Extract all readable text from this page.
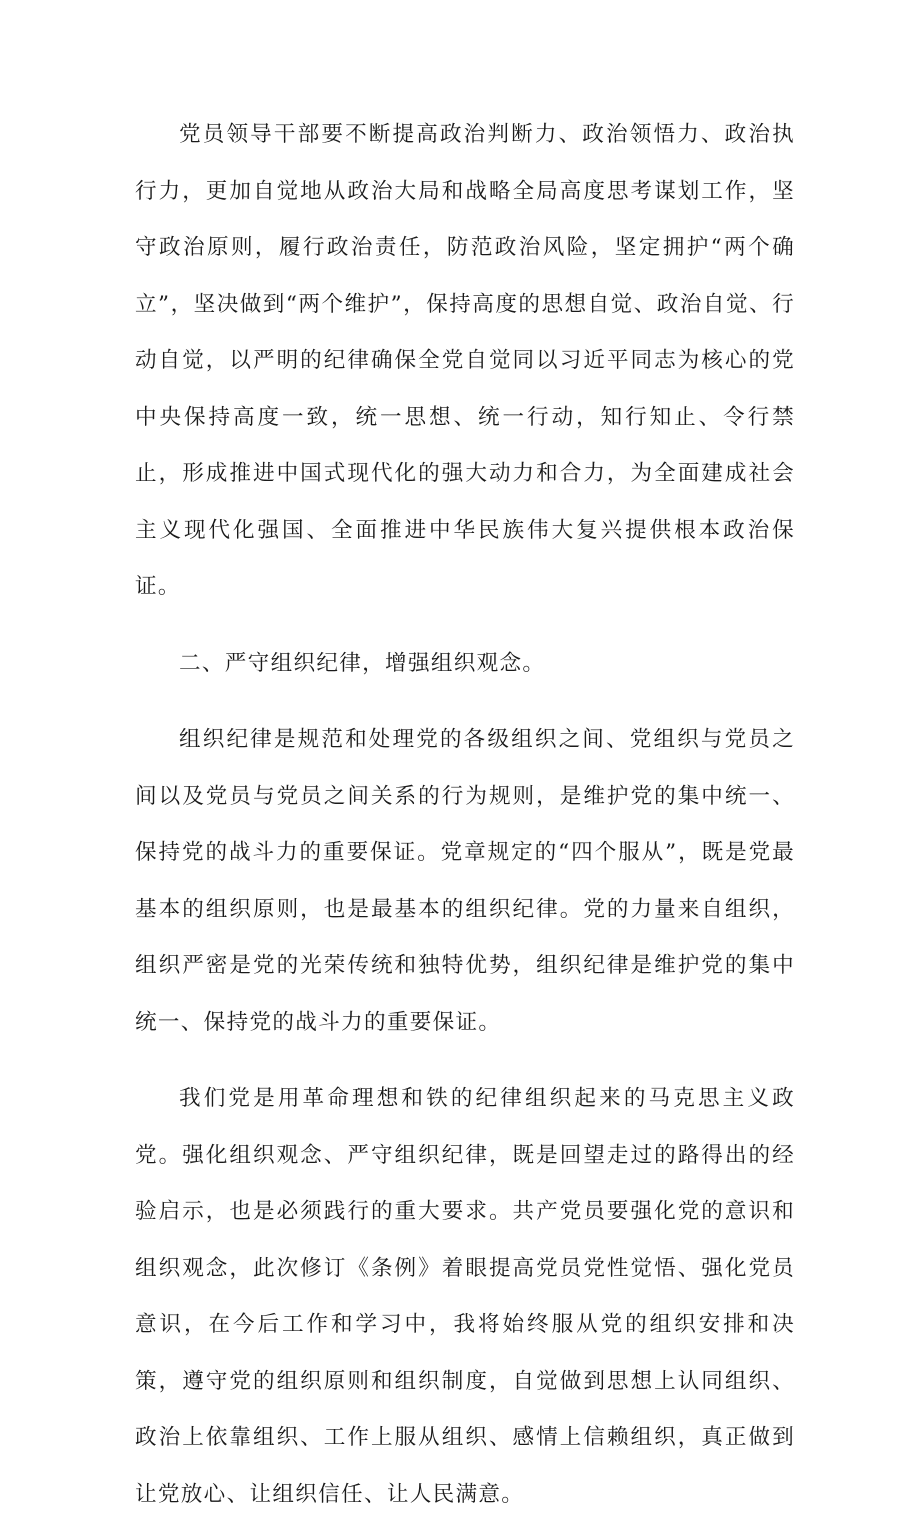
党员领导干部要不断提高政治判断力、政治领悟力、政治执行力，更加自觉地从政治大局和战略全局高度思考谋划工作，坚守政治原则，履行政治责任，防范政治风险，坚定拥护“两个确立”，坚决做到“两个维护”，保持高度的思想自觉、政治自觉、行动自觉，以严明的纪律确保全党自觉同以习近平同志为核心的党中央保持高度一致，统一思想、统一行动，知行知止、令行禁止，形成推进中国式现代化的强大动力和合力，为全面建成社会主义现代化强国、全面推进中华民族伟大复兴提供根本政治保证。

二、严守组织纪律，增强组织观念。

组织纪律是规范和处理党的各级组织之间、党组织与党员之间以及党员与党员之间关系的行为规则，是维护党的集中统一、保持党的战斗力的重要保证。党章规定的“四个服从”，既是党最基本的组织原则，也是最基本的组织纪律。党的力量来自组织，组织严密是党的光荣传统和独特优势，组织纪律是维护党的集中统一、保持党的战斗力的重要保证。

我们党是用革命理想和铁的纪律组织起来的马克思主义政党。强化组织观念、严守组织纪律，既是回望走过的路得出的经验启示，也是必须践行的重大要求。共产党员要强化党的意识和组织观念，此次修订《条例》着眼提高党员党性觉悟、强化党员意识，在今后工作和学习中，我将始终服从党的组织安排和决策，遵守党的组织原则和组织制度，自觉做到思想上认同组织、政治上依靠组织、工作上服从组织、感情上信赖组织，真正做到让党放心、让组织信任、让人民满意。
